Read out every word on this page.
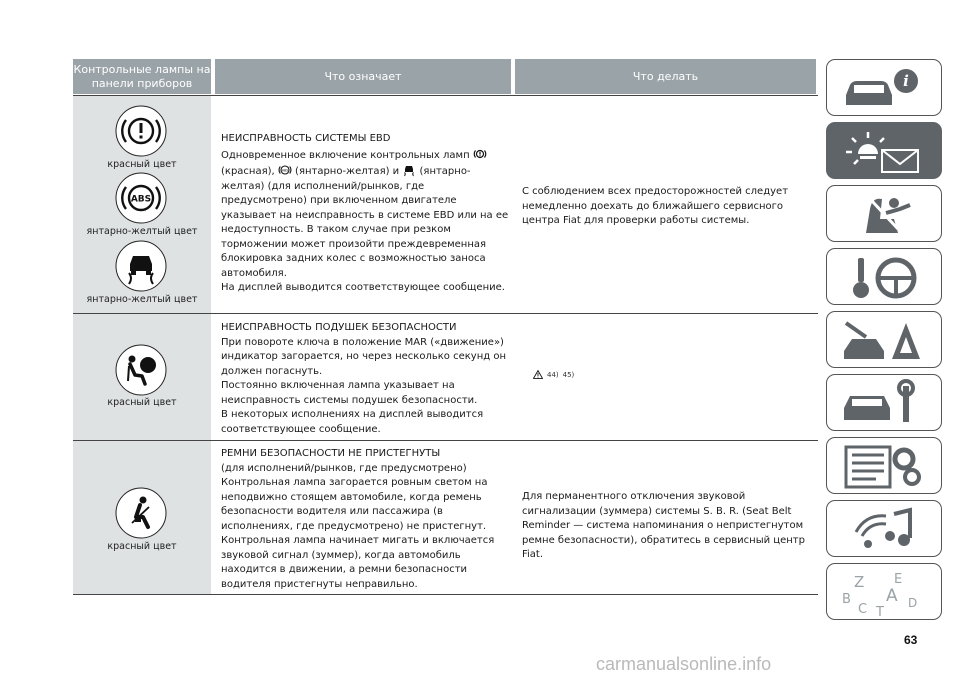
Контрольные лампы на панели приборов
Что означает	Что делать
красный цвет
ABS
янтарно-желтый цвет
янтарно-желтый цвет

НЕИСПРАВНОСТЬ СИСТЕМЫ EBD

Одновременное включение контрольных ламп
(красная), ABS (янтарно-желтая) и
(янтарно-желтая) (для исполнений/рынков, где предусмотрено) при включенном двигателе указывает на неисправность в системе EBD или на ее недоступность. В таком случае при резком торможении может произойти преждевременная блокировка задних колес с возможностью заноса автомобиля.

На дисплей выводится соответствующее сообщение.

С соблюдением всех предосторожностей следует немедленно доехать до ближайшего сервисного центра Fiat для проверки работы системы.

красный цвет

НЕИСПРАВНОСТЬ ПОДУШЕК БЕЗОПАСНОСТИ

При повороте ключа в положение MAR («движение») индикатор загорается, но через несколько секунд он должен погаснуть.

Постоянно включенная лампа указывает на неисправность системы подушек безопасности.

В некоторых исполнениях на дисплей выводится соответствующее сообщение.

44) 45)
красный цвет

РЕМНИ БЕЗОПАСНОСТИ НЕ ПРИСТЕГНУТЫ

(для исполнений/рынков, где предусмотрено)

Контрольная лампа загорается ровным светом на неподвижно стоящем автомобиле, когда ремень безопасности водителя или пассажира (в исполнениях, где предусмотрено) не пристегнут.

Контрольная лампа начинает мигать и включается звуковой сигнал (зуммер), когда автомобиль находится в движении, а ремни безопасности водителя пристегнуты неправильно.

Для перманентного отключения звуковой сигнализации (зуммера) системы S. B. R. (Seat Belt Reminder — система напоминания о непристегнутом ремне безопасности), обратитесь в сервисный центр Fiat.

i
Z E
B A
C	D
T
63
carmanualsonline.info
